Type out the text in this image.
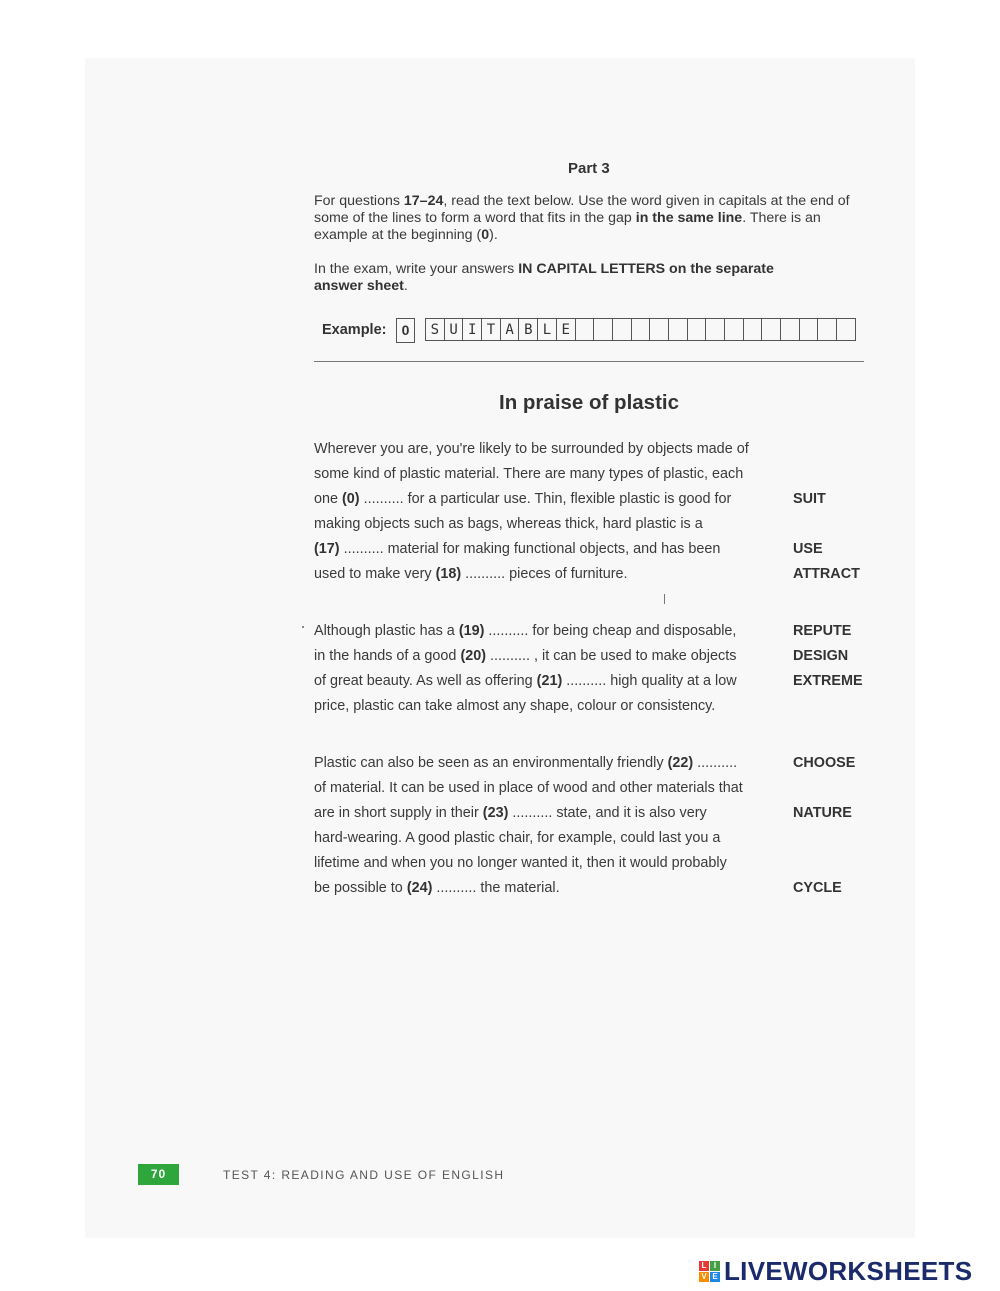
Part 3
For questions 17–24, read the text below. Use the word given in capitals at the end of some of the lines to form a word that fits in the gap in the same line. There is an example at the beginning (0).
In the exam, write your answers IN CAPITAL LETTERS on the separate answer sheet.
Example:	0	S U I T A B L E
In praise of plastic
Wherever you are, you're likely to be surrounded by objects made of
some kind of plastic material. There are many types of plastic, each
one (0) .......... for a particular use. Thin, flexible plastic is good for	SUIT
making objects such as bags, whereas thick, hard plastic is a
(17) .......... material for making functional objects, and has been	USE
used to make very (18) .......... pieces of furniture.	ATTRACT
Although plastic has a (19) .......... for being cheap and disposable,	REPUTE
in the hands of a good (20) .......... , it can be used to make objects	DESIGN
of great beauty. As well as offering (21) .......... high quality at a low	EXTREME
price, plastic can take almost any shape, colour or consistency.
Plastic can also be seen as an environmentally friendly (22) ..........	CHOOSE
of material. It can be used in place of wood and other materials that
are in short supply in their (23) .......... state, and it is also very	NATURE
hard-wearing. A good plastic chair, for example, could last you a
lifetime and when you no longer wanted it, then it would probably
be possible to (24) .......... the material.	CYCLE
70	TEST 4: READING AND USE OF ENGLISH
L I
V E LIVEWORKSHEETS
